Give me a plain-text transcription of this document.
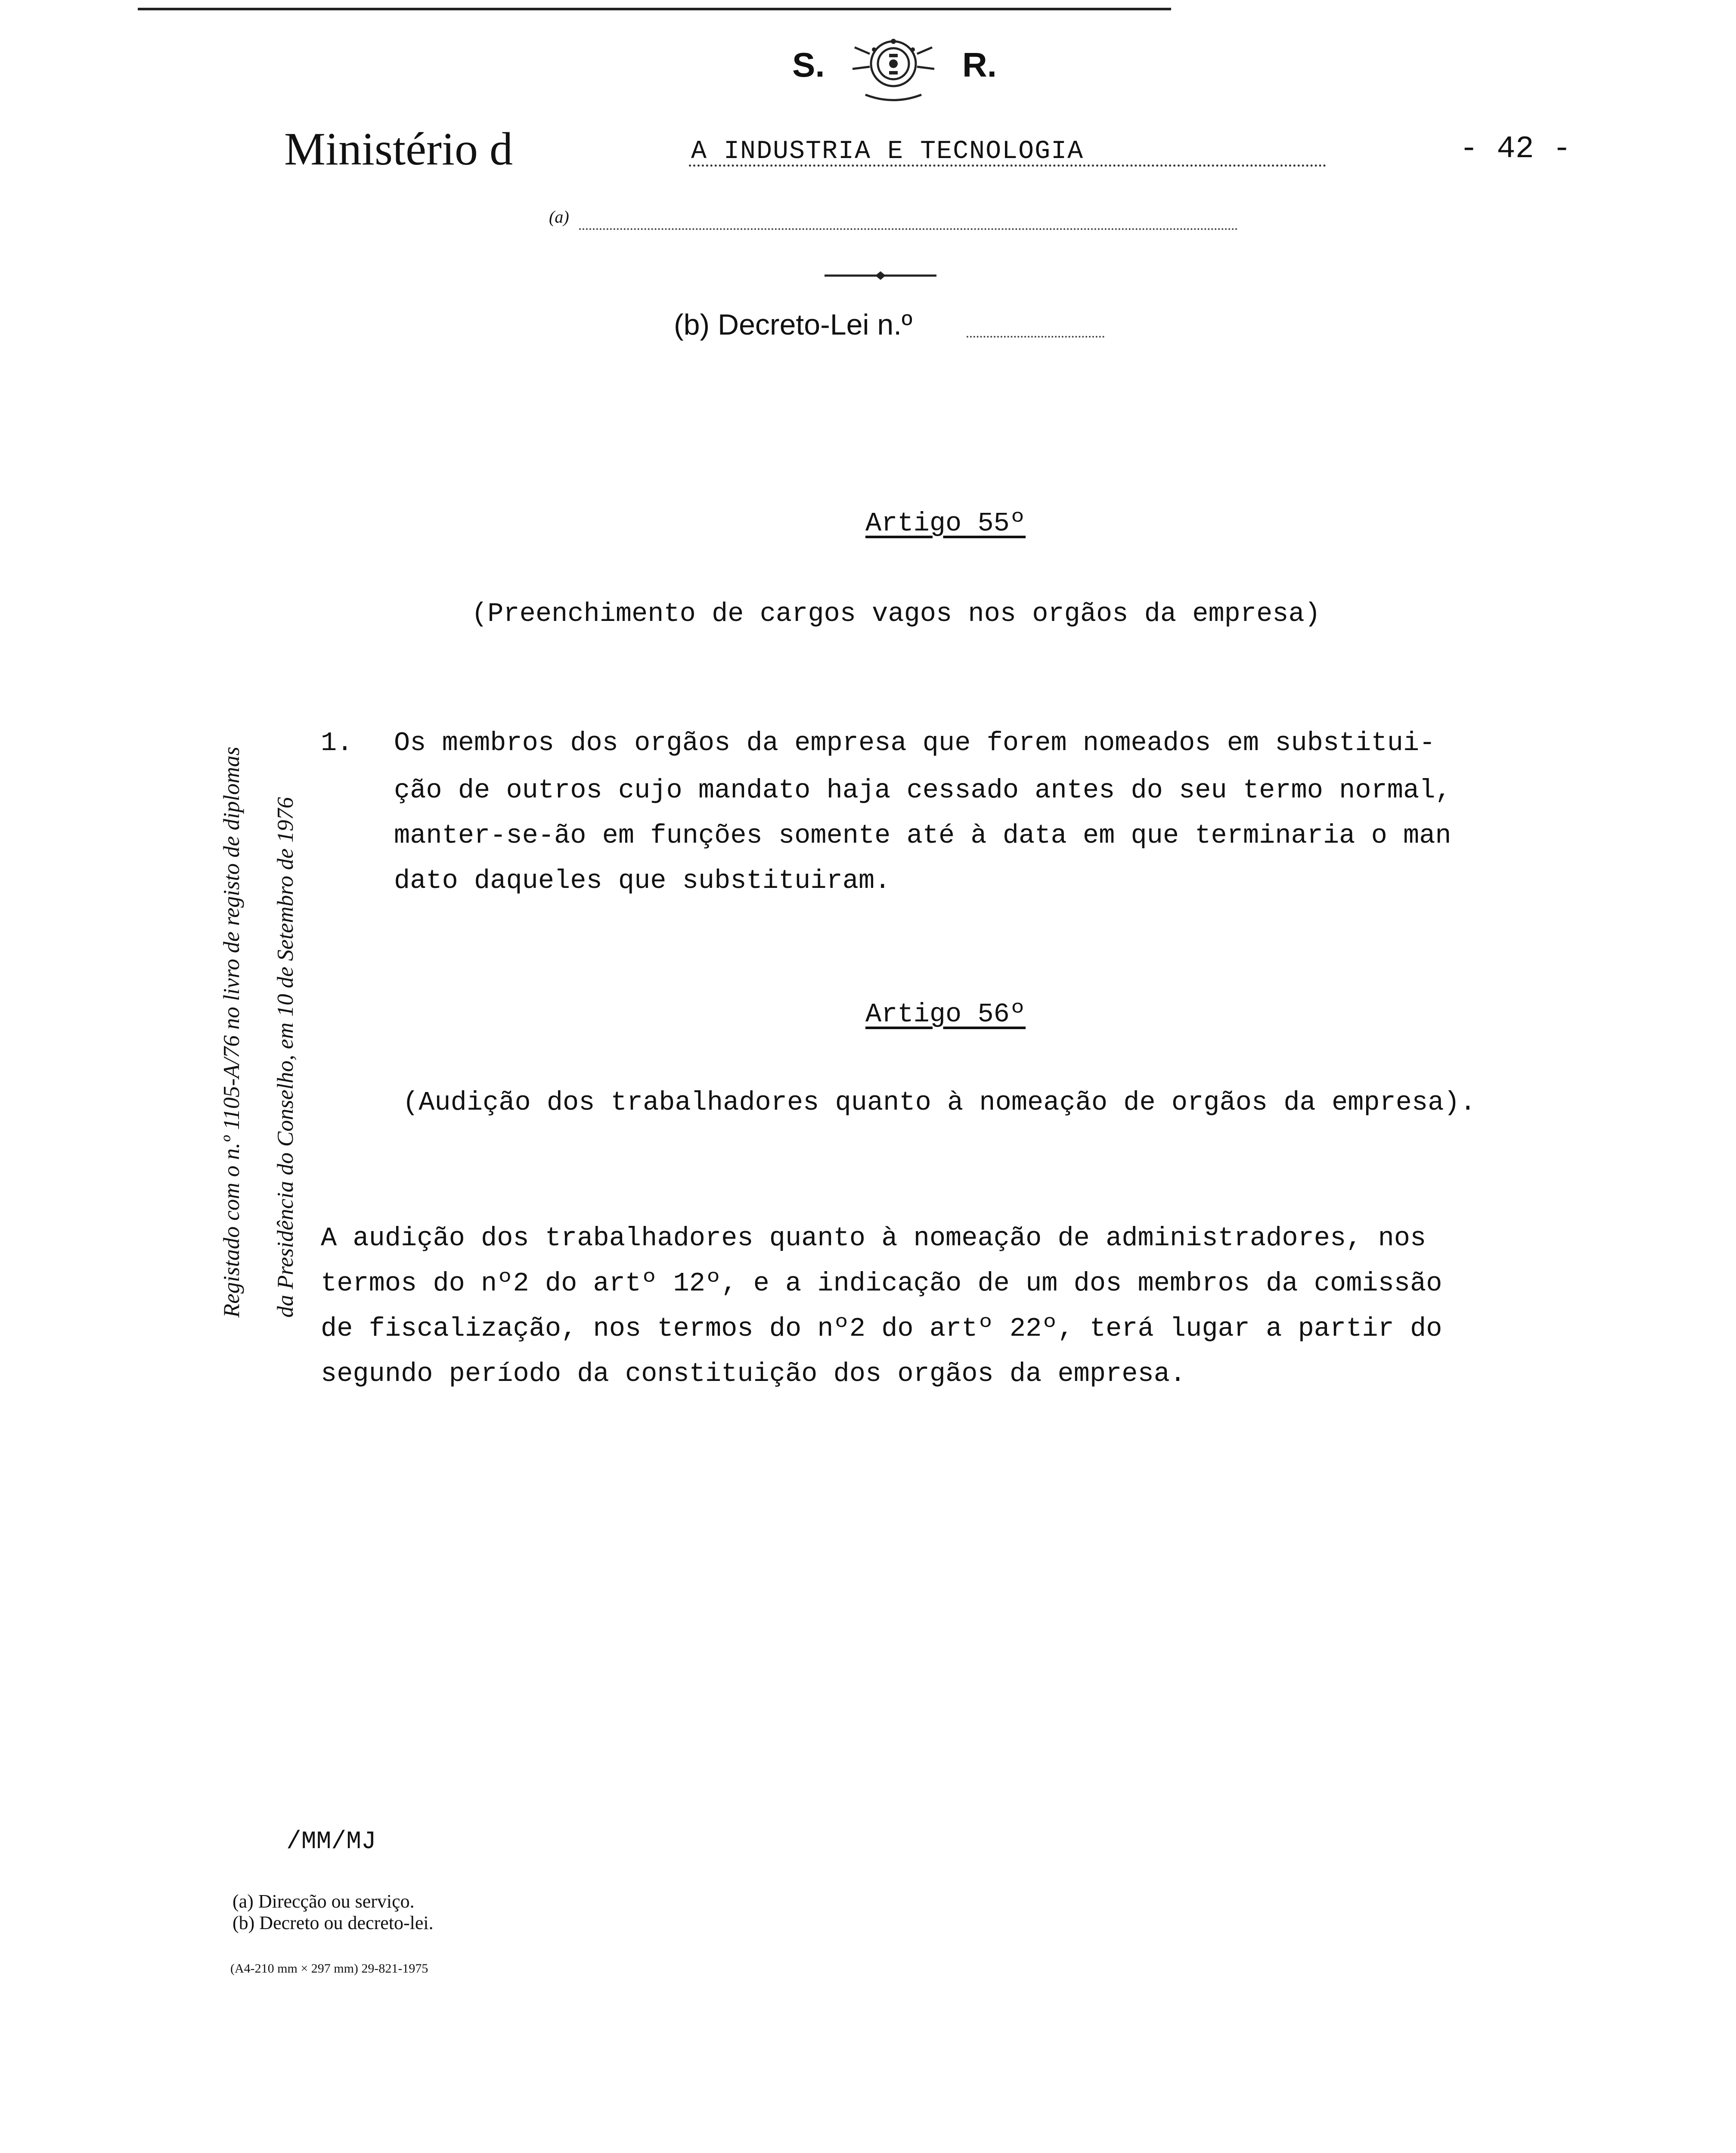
S.	R.
Ministério d	A INDUSTRIA E TECNOLOGIA	- 42 -
(a)
(b) Decreto-Lei n.º
Registado com o n.º 1105-A/76 no livro de registo de diplomas da Presidência do Conselho, em 10 de Setembro de 1976
Artigo 55º
(Preenchimento de cargos vagos nos orgãos da empresa)
1. Os membros dos orgãos da empresa que forem nomeados em substitui-
ção de outros cujo mandato haja cessado antes do seu termo normal,
manter-se-ão em funções somente até à data em que terminaria o man
dato daqueles que substituiram.
Artigo 56º
(Audição dos trabalhadores quanto à nomeação de orgãos da empresa).
A audição dos trabalhadores quanto à nomeação de administradores, nos
termos do nº2 do artº 12º, e a indicação de um dos membros da comissão
de fiscalização, nos termos do nº2 do artº 22º, terá lugar a partir do
segundo período da constituição dos orgãos da empresa.
/MM/MJ
(a) Direcção ou serviço.
(b) Decreto ou decreto-lei.
(A4-210 mm × 297 mm) 29-821-1975
